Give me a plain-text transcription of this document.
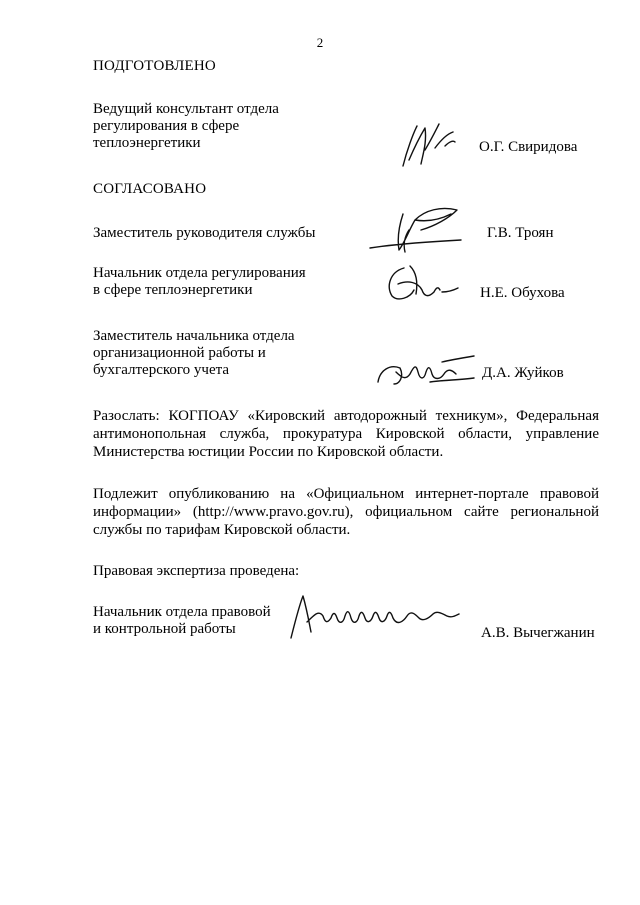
2
ПОДГОТОВЛЕНО
Ведущий консультант отдела
регулирования в сфере
теплоэнергетики	О.Г. Свиридова
СОГЛАСОВАНО
Заместитель руководителя службы	Г.В. Троян
Начальник отдела регулирования
в сфере теплоэнергетики	Н.Е. Обухова
Заместитель начальника отдела
организационной работы и
бухгалтерского учета	Д.А. Жуйков
Разослать: КОГПОАУ «Кировский автодорожный техникум», Федеральная
антимонопольная служба, прокуратура Кировской области, управление
Министерства юстиции России по Кировской области.
Подлежит опубликованию на «Официальном интернет-портале правовой
информации» (http://www.pravo.gov.ru), официальном сайте региональной
службы по тарифам Кировской области.
Правовая экспертиза проведена:
Начальник отдела правовой
и контрольной работы	А.В. Вычегжанин
